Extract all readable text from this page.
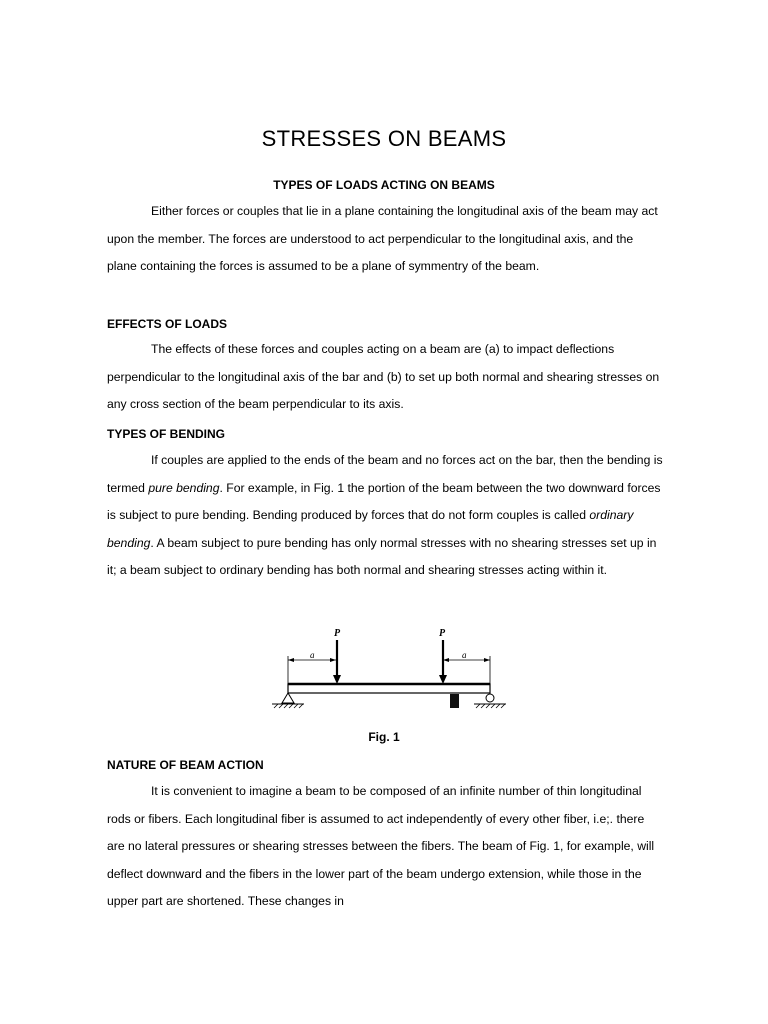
STRESSES ON BEAMS
TYPES OF LOADS ACTING ON BEAMS

Either forces or couples that lie in a plane containing the longitudinal axis of the beam may act upon the member. The forces are understood to act perpendicular to the longitudinal axis, and the plane containing the forces is assumed to be a plane of symmentry of the beam.

EFFECTS OF LOADS

The effects of these forces and couples acting on a beam are (a) to impact deflections perpendicular to the longitudinal axis of the bar and (b) to set up both normal and shearing stresses on any cross section of the beam perpendicular to its axis.

TYPES OF BENDING

If couples are applied to the ends of the beam and no forces act on the bar, then the bending is termed pure bending. For example, in Fig. 1 the portion of the beam between the two downward forces is subject to pure bending. Bending produced by forces that do not form couples is called ordinary bending. A beam subject to pure bending has only normal stresses with no shearing stresses set up in it; a beam subject to ordinary bending has both normal and shearing stresses acting within it.

a	a
P	P

Fig. 1

NATURE OF BEAM ACTION

It is convenient to imagine a beam to be composed of an infinite number of thin longitudinal rods or fibers. Each longitudinal fiber is assumed to act independently of every other fiber, i.e;. there are no lateral pressures or shearing stresses between the fibers. The beam of Fig. 1, for example, will deflect downward and the fibers in the lower part of the beam undergo extension, while those in the upper part are shortened. These changes in
